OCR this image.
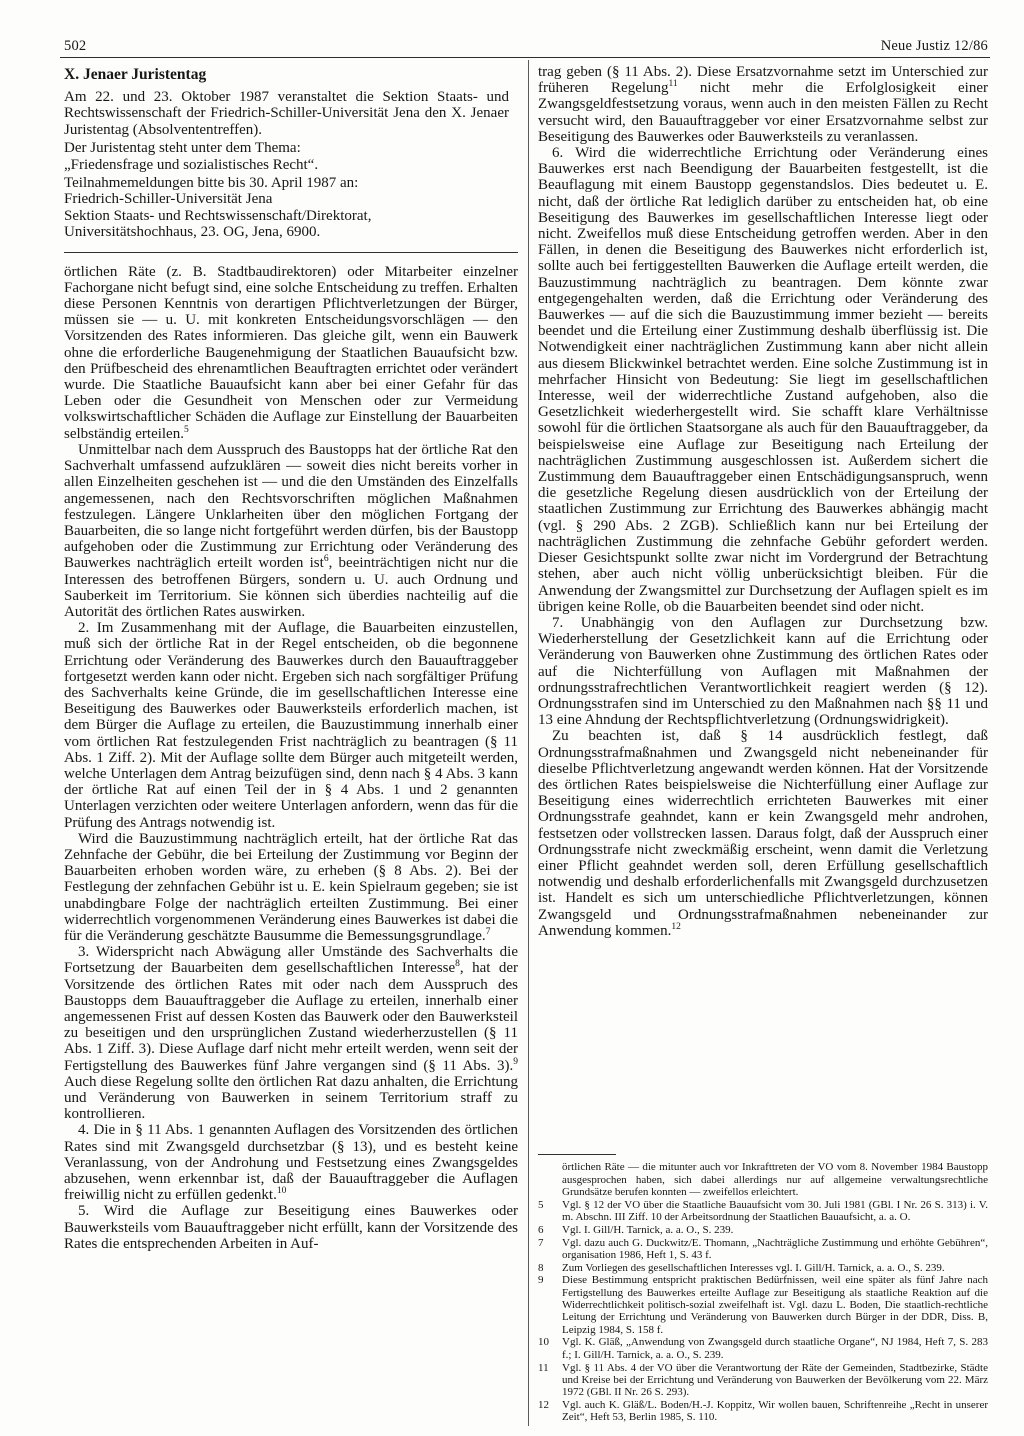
502	Neue Justiz 12/86
X. Jenaer Juristentag

Am 22. und 23. Oktober 1987 veranstaltet die Sektion Staats- und Rechtswissenschaft der Friedrich-Schiller-Universität Jena den X. Jenaer Juristentag (Absolvententreffen).

Der Juristentag steht unter dem Thema:
„Friedensfrage und sozialistisches Recht“.

Teilnahmemeldungen bitte bis 30. April 1987 an:
Friedrich-Schiller-Universität Jena
Sektion Staats- und Rechtswissenschaft/Direktorat,
Universitätshochhaus, 23. OG, Jena, 6900.

örtlichen Räte (z. B. Stadtbaudirektoren) oder Mitarbeiter einzelner Fachorgane nicht befugt sind, eine solche Entscheidung zu treffen. Erhalten diese Personen Kenntnis von derartigen Pflichtverletzungen der Bürger, müssen sie — u. U. mit konkreten Entscheidungsvorschlägen — den Vorsitzenden des Rates informieren. Das gleiche gilt, wenn ein Bauwerk ohne die erforderliche Baugenehmigung der Staatlichen Bauaufsicht bzw. den Prüfbescheid des ehrenamtlichen Beauftragten errichtet oder verändert wurde. Die Staatliche Bauaufsicht kann aber bei einer Gefahr für das Leben oder die Gesundheit von Menschen oder zur Vermeidung volkswirtschaftlicher Schäden die Auflage zur Einstellung der Bauarbeiten selbständig erteilen.$^5$

Unmittelbar nach dem Ausspruch des Baustopps hat der örtliche Rat den Sachverhalt umfassend aufzuklären — soweit dies nicht bereits vorher in allen Einzelheiten geschehen ist — und die den Umständen des Einzelfalls angemessenen, nach den Rechtsvorschriften möglichen Maßnahmen festzulegen. Längere Unklarheiten über den möglichen Fortgang der Bauarbeiten, die so lange nicht fortgeführt werden dürfen, bis der Baustopp aufgehoben oder die Zustimmung zur Errichtung oder Veränderung des Bauwerkes nachträglich erteilt worden ist$^6$, beeinträchtigen nicht nur die Interessen des betroffenen Bürgers, sondern u. U. auch Ordnung und Sauberkeit im Territorium. Sie können sich überdies nachteilig auf die Autorität des örtlichen Rates auswirken.

2. Im Zusammenhang mit der Auflage, die Bauarbeiten einzustellen, muß sich der örtliche Rat in der Regel entscheiden, ob die begonnene Errichtung oder Veränderung des Bauwerkes durch den Bauauftraggeber fortgesetzt werden kann oder nicht. Ergeben sich nach sorgfältiger Prüfung des Sachverhalts keine Gründe, die im gesellschaftlichen Interesse eine Beseitigung des Bauwerkes oder Bauwerksteils erforderlich machen, ist dem Bürger die Auflage zu erteilen, die Bauzustimmung innerhalb einer vom örtlichen Rat festzulegenden Frist nachträglich zu beantragen (§ 11 Abs. 1 Ziff. 2). Mit der Auflage sollte dem Bürger auch mitgeteilt werden, welche Unterlagen dem Antrag beizufügen sind, denn nach § 4 Abs. 3 kann der örtliche Rat auf einen Teil der in § 4 Abs. 1 und 2 genannten Unterlagen verzichten oder weitere Unterlagen anfordern, wenn das für die Prüfung des Antrags notwendig ist.

Wird die Bauzustimmung nachträglich erteilt, hat der örtliche Rat das Zehnfache der Gebühr, die bei Erteilung der Zustimmung vor Beginn der Bauarbeiten erhoben worden wäre, zu erheben (§ 8 Abs. 2). Bei der Festlegung der zehnfachen Gebühr ist u. E. kein Spielraum gegeben; sie ist unabdingbare Folge der nachträglich erteilten Zustimmung. Bei einer widerrechtlich vorgenommenen Veränderung eines Bauwerkes ist dabei die für die Veränderung geschätzte Bausumme die Bemessungsgrundlage.$^7$

3. Widerspricht nach Abwägung aller Umstände des Sachverhalts die Fortsetzung der Bauarbeiten dem gesellschaftlichen Interesse$^8$, hat der Vorsitzende des örtlichen Rates mit oder nach dem Ausspruch des Baustopps dem Bauauftraggeber die Auflage zu erteilen, innerhalb einer angemessenen Frist auf dessen Kosten das Bauwerk oder den Bauwerksteil zu beseitigen und den ursprünglichen Zustand wiederherzustellen (§ 11 Abs. 1 Ziff. 3). Diese Auflage darf nicht mehr erteilt werden, wenn seit der Fertigstellung des Bauwerkes fünf Jahre vergangen sind (§ 11 Abs. 3).$^9$ Auch diese Regelung sollte den örtlichen Rat dazu anhalten, die Errichtung und Veränderung von Bauwerken in seinem Territorium straff zu kontrollieren.

4. Die in § 11 Abs. 1 genannten Auflagen des Vorsitzenden des örtlichen Rates sind mit Zwangsgeld durchsetzbar (§ 13), und es besteht keine Veranlassung, von der Androhung und Festsetzung eines Zwangsgeldes abzusehen, wenn erkennbar ist, daß der Bauauftraggeber die Auflagen freiwillig nicht zu erfüllen gedenkt.$^{10}$

5. Wird die Auflage zur Beseitigung eines Bauwerkes oder Bauwerksteils vom Bauauftraggeber nicht erfüllt, kann der Vorsitzende des Rates die entsprechenden Arbeiten in Auf-

trag geben (§ 11 Abs. 2). Diese Ersatzvornahme setzt im Unterschied zur früheren Regelung$^{11}$ nicht mehr die Erfolglosigkeit einer Zwangsgeldfestsetzung voraus, wenn auch in den meisten Fällen zu Recht versucht wird, den Bauauftraggeber vor einer Ersatzvornahme selbst zur Beseitigung des Bauwerkes oder Bauwerksteils zu veranlassen.

6. Wird die widerrechtliche Errichtung oder Veränderung eines Bauwerkes erst nach Beendigung der Bauarbeiten festgestellt, ist die Beauflagung mit einem Baustopp gegenstandslos. Dies bedeutet u. E. nicht, daß der örtliche Rat lediglich darüber zu entscheiden hat, ob eine Beseitigung des Bauwerkes im gesellschaftlichen Interesse liegt oder nicht. Zweifellos muß diese Entscheidung getroffen werden. Aber in den Fällen, in denen die Beseitigung des Bauwerkes nicht erforderlich ist, sollte auch bei fertiggestellten Bauwerken die Auflage erteilt werden, die Bauzustimmung nachträglich zu beantragen. Dem könnte zwar entgegengehalten werden, daß die Errichtung oder Veränderung des Bauwerkes — auf die sich die Bauzustimmung immer bezieht — bereits beendet und die Erteilung einer Zustimmung deshalb überflüssig ist. Die Notwendigkeit einer nachträglichen Zustimmung kann aber nicht allein aus diesem Blickwinkel betrachtet werden. Eine solche Zustimmung ist in mehrfacher Hinsicht von Bedeutung: Sie liegt im gesellschaftlichen Interesse, weil der widerrechtliche Zustand aufgehoben, also die Gesetzlichkeit wiederhergestellt wird. Sie schafft klare Verhältnisse sowohl für die örtlichen Staatsorgane als auch für den Bauauftraggeber, da beispielsweise eine Auflage zur Beseitigung nach Erteilung der nachträglichen Zustimmung ausgeschlossen ist. Außerdem sichert die Zustimmung dem Bauauftraggeber einen Entschädigungsanspruch, wenn die gesetzliche Regelung diesen ausdrücklich von der Erteilung der staatlichen Zustimmung zur Errichtung des Bauwerkes abhängig macht (vgl. § 290 Abs. 2 ZGB). Schließlich kann nur bei Erteilung der nachträglichen Zustimmung die zehnfache Gebühr gefordert werden. Dieser Gesichtspunkt sollte zwar nicht im Vordergrund der Betrachtung stehen, aber auch nicht völlig unberücksichtigt bleiben. Für die Anwendung der Zwangsmittel zur Durchsetzung der Auflagen spielt es im übrigen keine Rolle, ob die Bauarbeiten beendet sind oder nicht.

7. Unabhängig von den Auflagen zur Durchsetzung bzw. Wiederherstellung der Gesetzlichkeit kann auf die Errichtung oder Veränderung von Bauwerken ohne Zustimmung des örtlichen Rates oder auf die Nichterfüllung von Auflagen mit Maßnahmen der ordnungsstrafrechtlichen Verantwortlichkeit reagiert werden (§ 12). Ordnungsstrafen sind im Unterschied zu den Maßnahmen nach §§ 11 und 13 eine Ahndung der Rechtspflichtverletzung (Ordnungswidrigkeit).

Zu beachten ist, daß § 14 ausdrücklich festlegt, daß Ordnungsstrafmaßnahmen und Zwangsgeld nicht nebeneinander für dieselbe Pflichtverletzung angewandt werden können. Hat der Vorsitzende des örtlichen Rates beispielsweise die Nichterfüllung einer Auflage zur Beseitigung eines widerrechtlich errichteten Bauwerkes mit einer Ordnungsstrafe geahndet, kann er kein Zwangsgeld mehr androhen, festsetzen oder vollstrecken lassen. Daraus folgt, daß der Ausspruch einer Ordnungsstrafe nicht zweckmäßig erscheint, wenn damit die Verletzung einer Pflicht geahndet werden soll, deren Erfüllung gesellschaftlich notwendig und deshalb erforderlichenfalls mit Zwangsgeld durchzusetzen ist. Handelt es sich um unterschiedliche Pflichtverletzungen, können Zwangsgeld und Ordnungsstrafmaßnahmen nebeneinander zur Anwendung kommen.$^{12}$

örtlichen Räte — die mitunter auch vor Inkrafttreten der VO vom 8. November 1984 Baustopp ausgesprochen haben, sich dabei allerdings nur auf allgemeine verwaltungsrechtliche Grundsätze berufen konnten — zweifellos erleichtert.
5	Vgl. § 12 der VO über die Staatliche Bauaufsicht vom 30. Juli 1981 (GBl. I Nr. 26 S. 313) i. V. m. Abschn. III Ziff. 10 der Arbeitsordnung der Staatlichen Bauaufsicht, a. a. O.
6	Vgl. I. Gill/H. Tarnick, a. a. O., S. 239.
7	Vgl. dazu auch G. Duckwitz/E. Thomann, „Nachträgliche Zustimmung und erhöhte Gebühren“, organisation 1986, Heft 1, S. 43 f.
8	Zum Vorliegen des gesellschaftlichen Interesses vgl. I. Gill/H. Tarnick, a. a. O., S. 239.
9	Diese Bestimmung entspricht praktischen Bedürfnissen, weil eine später als fünf Jahre nach Fertigstellung des Bauwerkes erteilte Auflage zur Beseitigung als staatliche Reaktion auf die Widerrechtlichkeit politisch-sozial zweifelhaft ist. Vgl. dazu L. Boden, Die staatlich-rechtliche Leitung der Errichtung und Veränderung von Bauwerken durch Bürger in der DDR, Diss. B, Leipzig 1984, S. 158 f.
10	Vgl. K. Gläß, „Anwendung von Zwangsgeld durch staatliche Organe“, NJ 1984, Heft 7, S. 283 f.; I. Gill/H. Tarnick, a. a. O., S. 239.
11	Vgl. § 11 Abs. 4 der VO über die Verantwortung der Räte der Gemeinden, Stadtbezirke, Städte und Kreise bei der Errichtung und Veränderung von Bauwerken der Bevölkerung vom 22. März 1972 (GBl. II Nr. 26 S. 293).
12	Vgl. auch K. Gläß/L. Boden/H.-J. Koppitz, Wir wollen bauen, Schriftenreihe „Recht in unserer Zeit“, Heft 53, Berlin 1985, S. 110.
